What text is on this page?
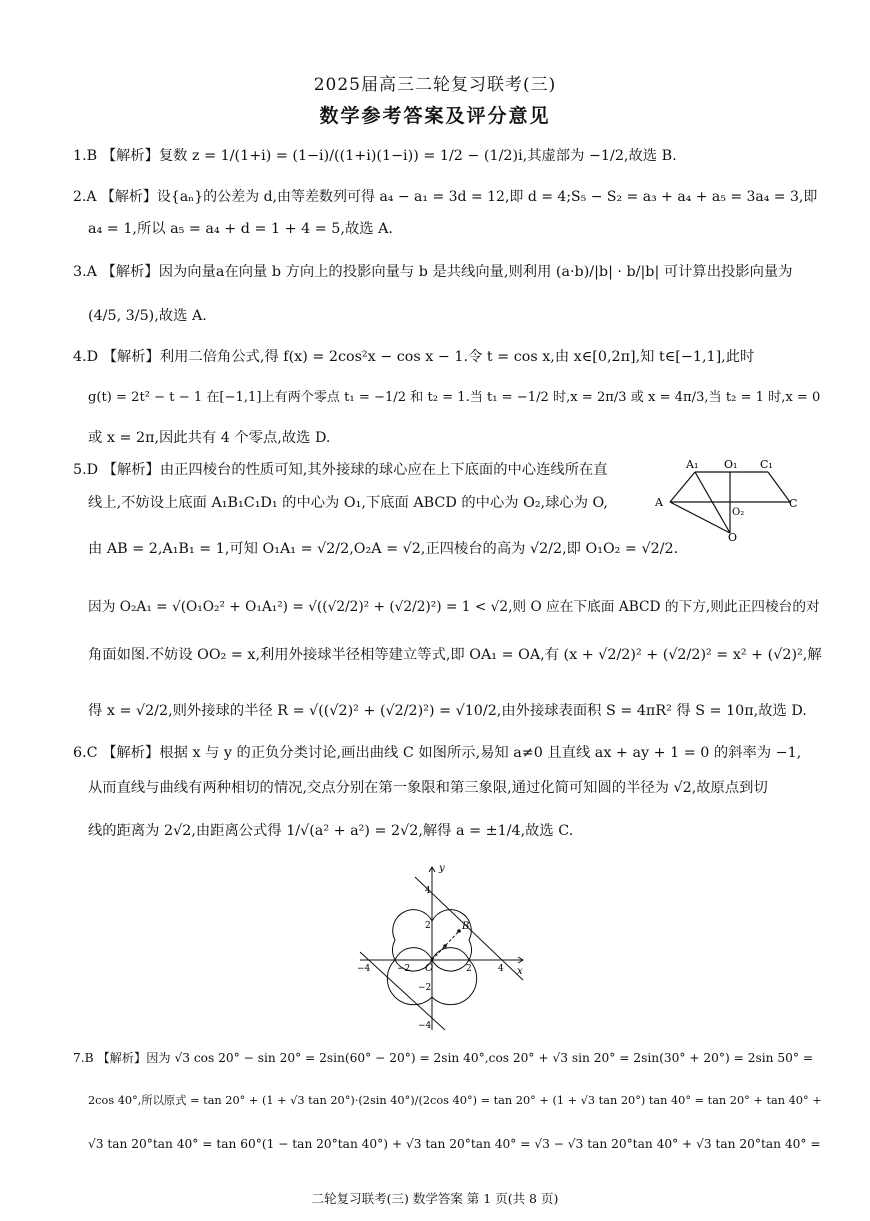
2025届高三二轮复习联考(三)
数学参考答案及评分意见
1.B 【解析】复数 z = 1/(1+i) = (1−i)/((1+i)(1−i)) = 1/2 − (1/2)i,其虚部为 −1/2,故选 B.
2.A 【解析】设{aₙ}的公差为 d,由等差数列可得 a₄ − a₁ = 3d = 12,即 d = 4;S₅ − S₂ = a₃ + a₄ + a₅ = 3a₄ = 3,即
a₄ = 1,所以 a₅ = a₄ + d = 1 + 4 = 5,故选 A.
3.A 【解析】因为向量a在向量 b 方向上的投影向量与 b 是共线向量,则利用 (a·b)/|b| · b/|b| 可计算出投影向量为
(4/5, 3/5),故选 A.
4.D 【解析】利用二倍角公式,得 f(x) = 2cos²x − cos x − 1.令 t = cos x,由 x∈[0,2π],知 t∈[−1,1],此时
g(t) = 2t² − t − 1 在[−1,1]上有两个零点 t₁ = −1/2 和 t₂ = 1.当 t₁ = −1/2 时,x = 2π/3 或 x = 4π/3,当 t₂ = 1 时,x = 0
或 x = 2π,因此共有 4 个零点,故选 D.
5.D 【解析】由正四棱台的性质可知,其外接球的球心应在上下底面的中心连线所在直
线上,不妨设上底面 A₁B₁C₁D₁ 的中心为 O₁,下底面 ABCD 的中心为 O₂,球心为 O,
由 AB = 2,A₁B₁ = 1,可知 O₁A₁ = √2/2,O₂A = √2,正四棱台的高为 √2/2,即 O₁O₂ = √2/2.
因为 O₂A₁ = √(O₁O₂² + O₁A₁²) = √((√2/2)² + (√2/2)²) = 1 < √2,则 O 应在下底面 ABCD 的下方,则此正四棱台的对
角面如图.不妨设 OO₂ = x,利用外接球半径相等建立等式,即 OA₁ = OA,有 (x + √2/2)² + (√2/2)² = x² + (√2)²,解
得 x = √2/2,则外接球的半径 R = √((√2)² + (√2/2)²) = √10/2,由外接球表面积 S = 4πR² 得 S = 10π,故选 D.
A₁ O₁ C₁
A
O₂
C
O
6.C 【解析】根据 x 与 y 的正负分类讨论,画出曲线 C 如图所示,易知 a≠0 且直线 ax + ay + 1 = 0 的斜率为 −1,
从而直线与曲线有两种相切的情况,交点分别在第一象限和第三象限,通过化简可知圆的半径为 √2,故原点到切
线的距离为 2√2,由距离公式得 1/√(a² + a²) = 2√2,解得 a = ±1/4,故选 C.
y
x
O
B
−4	−2	2	4
4
2
−2
−4
7.B 【解析】因为 √3 cos 20° − sin 20° = 2sin(60° − 20°) = 2sin 40°,cos 20° + √3 sin 20° = 2sin(30° + 20°) = 2sin 50° =
2cos 40°,所以原式 = tan 20° + (1 + √3 tan 20°)·(2sin 40°)/(2cos 40°) = tan 20° + (1 + √3 tan 20°) tan 40° = tan 20° + tan 40° +
√3 tan 20°tan 40° = tan 60°(1 − tan 20°tan 40°) + √3 tan 20°tan 40° = √3 − √3 tan 20°tan 40° + √3 tan 20°tan 40° =
二轮复习联考(三) 数学答案 第 1 页(共 8 页)
